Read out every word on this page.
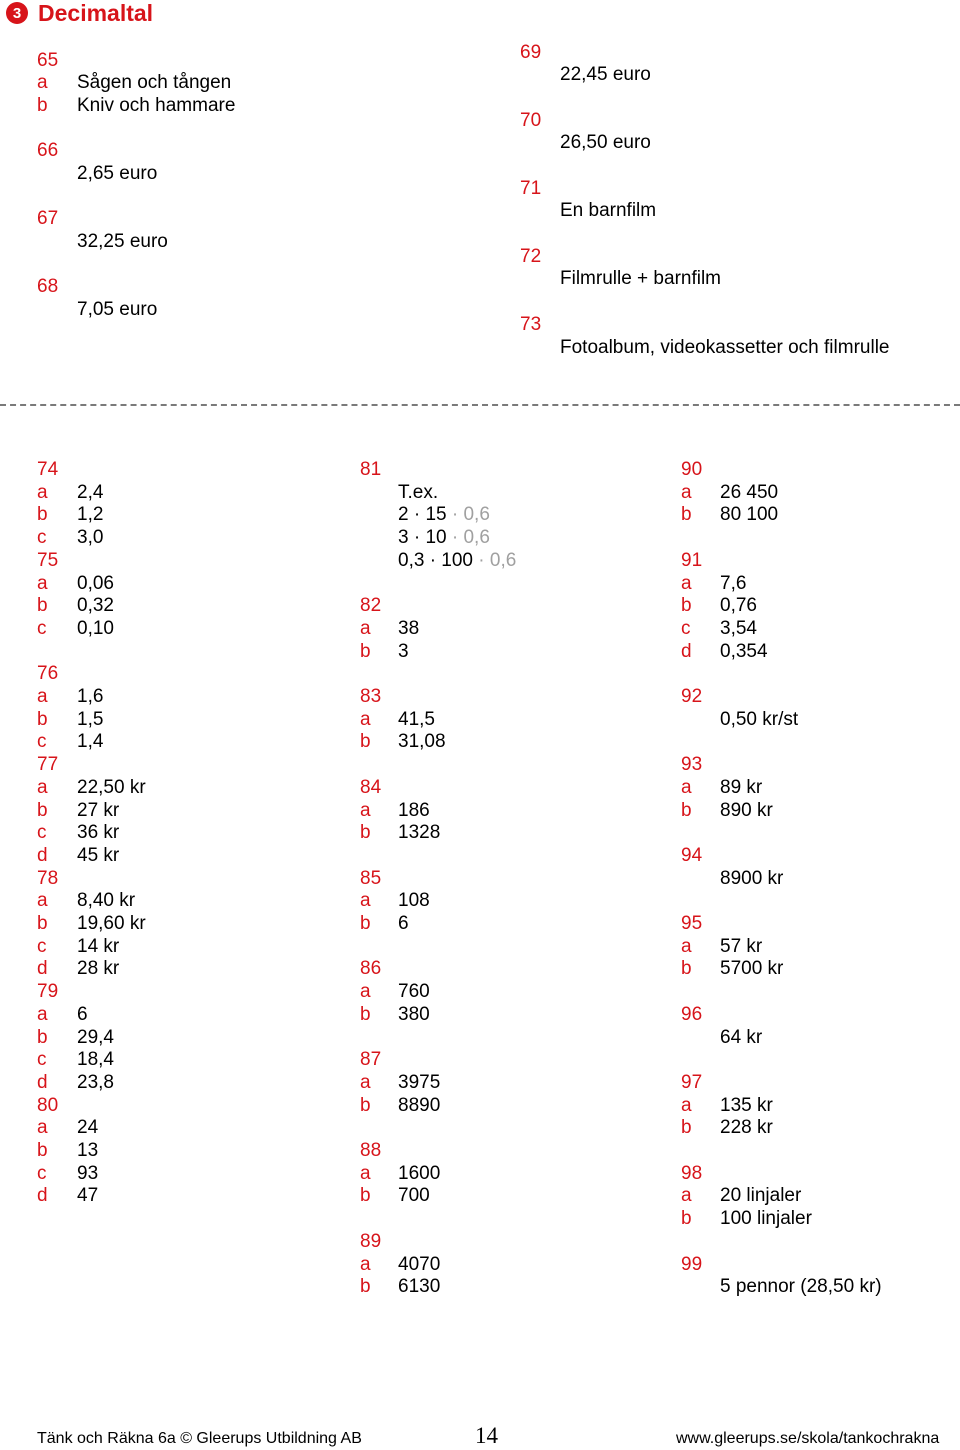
3 Decimaltal
65
a Sågen och tången
b Kniv och hammare
66
2,65 euro
67
32,25 euro
68
7,05 euro
69
22,45 euro
70
26,50 euro
71
En barnfilm
72
Filmrulle + barnfilm
73
Fotoalbum, videokassetter och filmrulle
74
a 2,4
b 1,2
c 3,0
75
a 0,06
b 0,32
c 0,10
76
a 1,6
b 1,5
c 1,4
77
a 22,50 kr
b 27 kr
c 36 kr
d 45 kr
78
a 8,40 kr
b 19,60 kr
c 14 kr
d 28 kr
79
a 6
b 29,4
c 18,4
d 23,8
80
a 24
b 13
c 93
d 47
81
T.ex.
2 · 15 · 0,6
3 · 10 · 0,6
0,3 · 100 · 0,6
82
a 38
b 3
83
a 41,5
b 31,08
84
a 186
b 1328
85
a 108
b 6
86
a 760
b 380
87
a 3975
b 8890
88
a 1600
b 700
89
a 4070
b 6130
90
a 26 450
b 80 100
91
a 7,6
b 0,76
c 3,54
d 0,354
92
0,50 kr/st
93
a 89 kr
b 890 kr
94
8900 kr
95
a 57 kr
b 5700 kr
96
64 kr
97
a 135 kr
b 228 kr
98
a 20 linjaler
b 100 linjaler
99
5 pennor (28,50 kr)
Tänk och Räkna 6a © Gleerups Utbildning AB	14	www.gleerups.se/skola/tankochrakna
